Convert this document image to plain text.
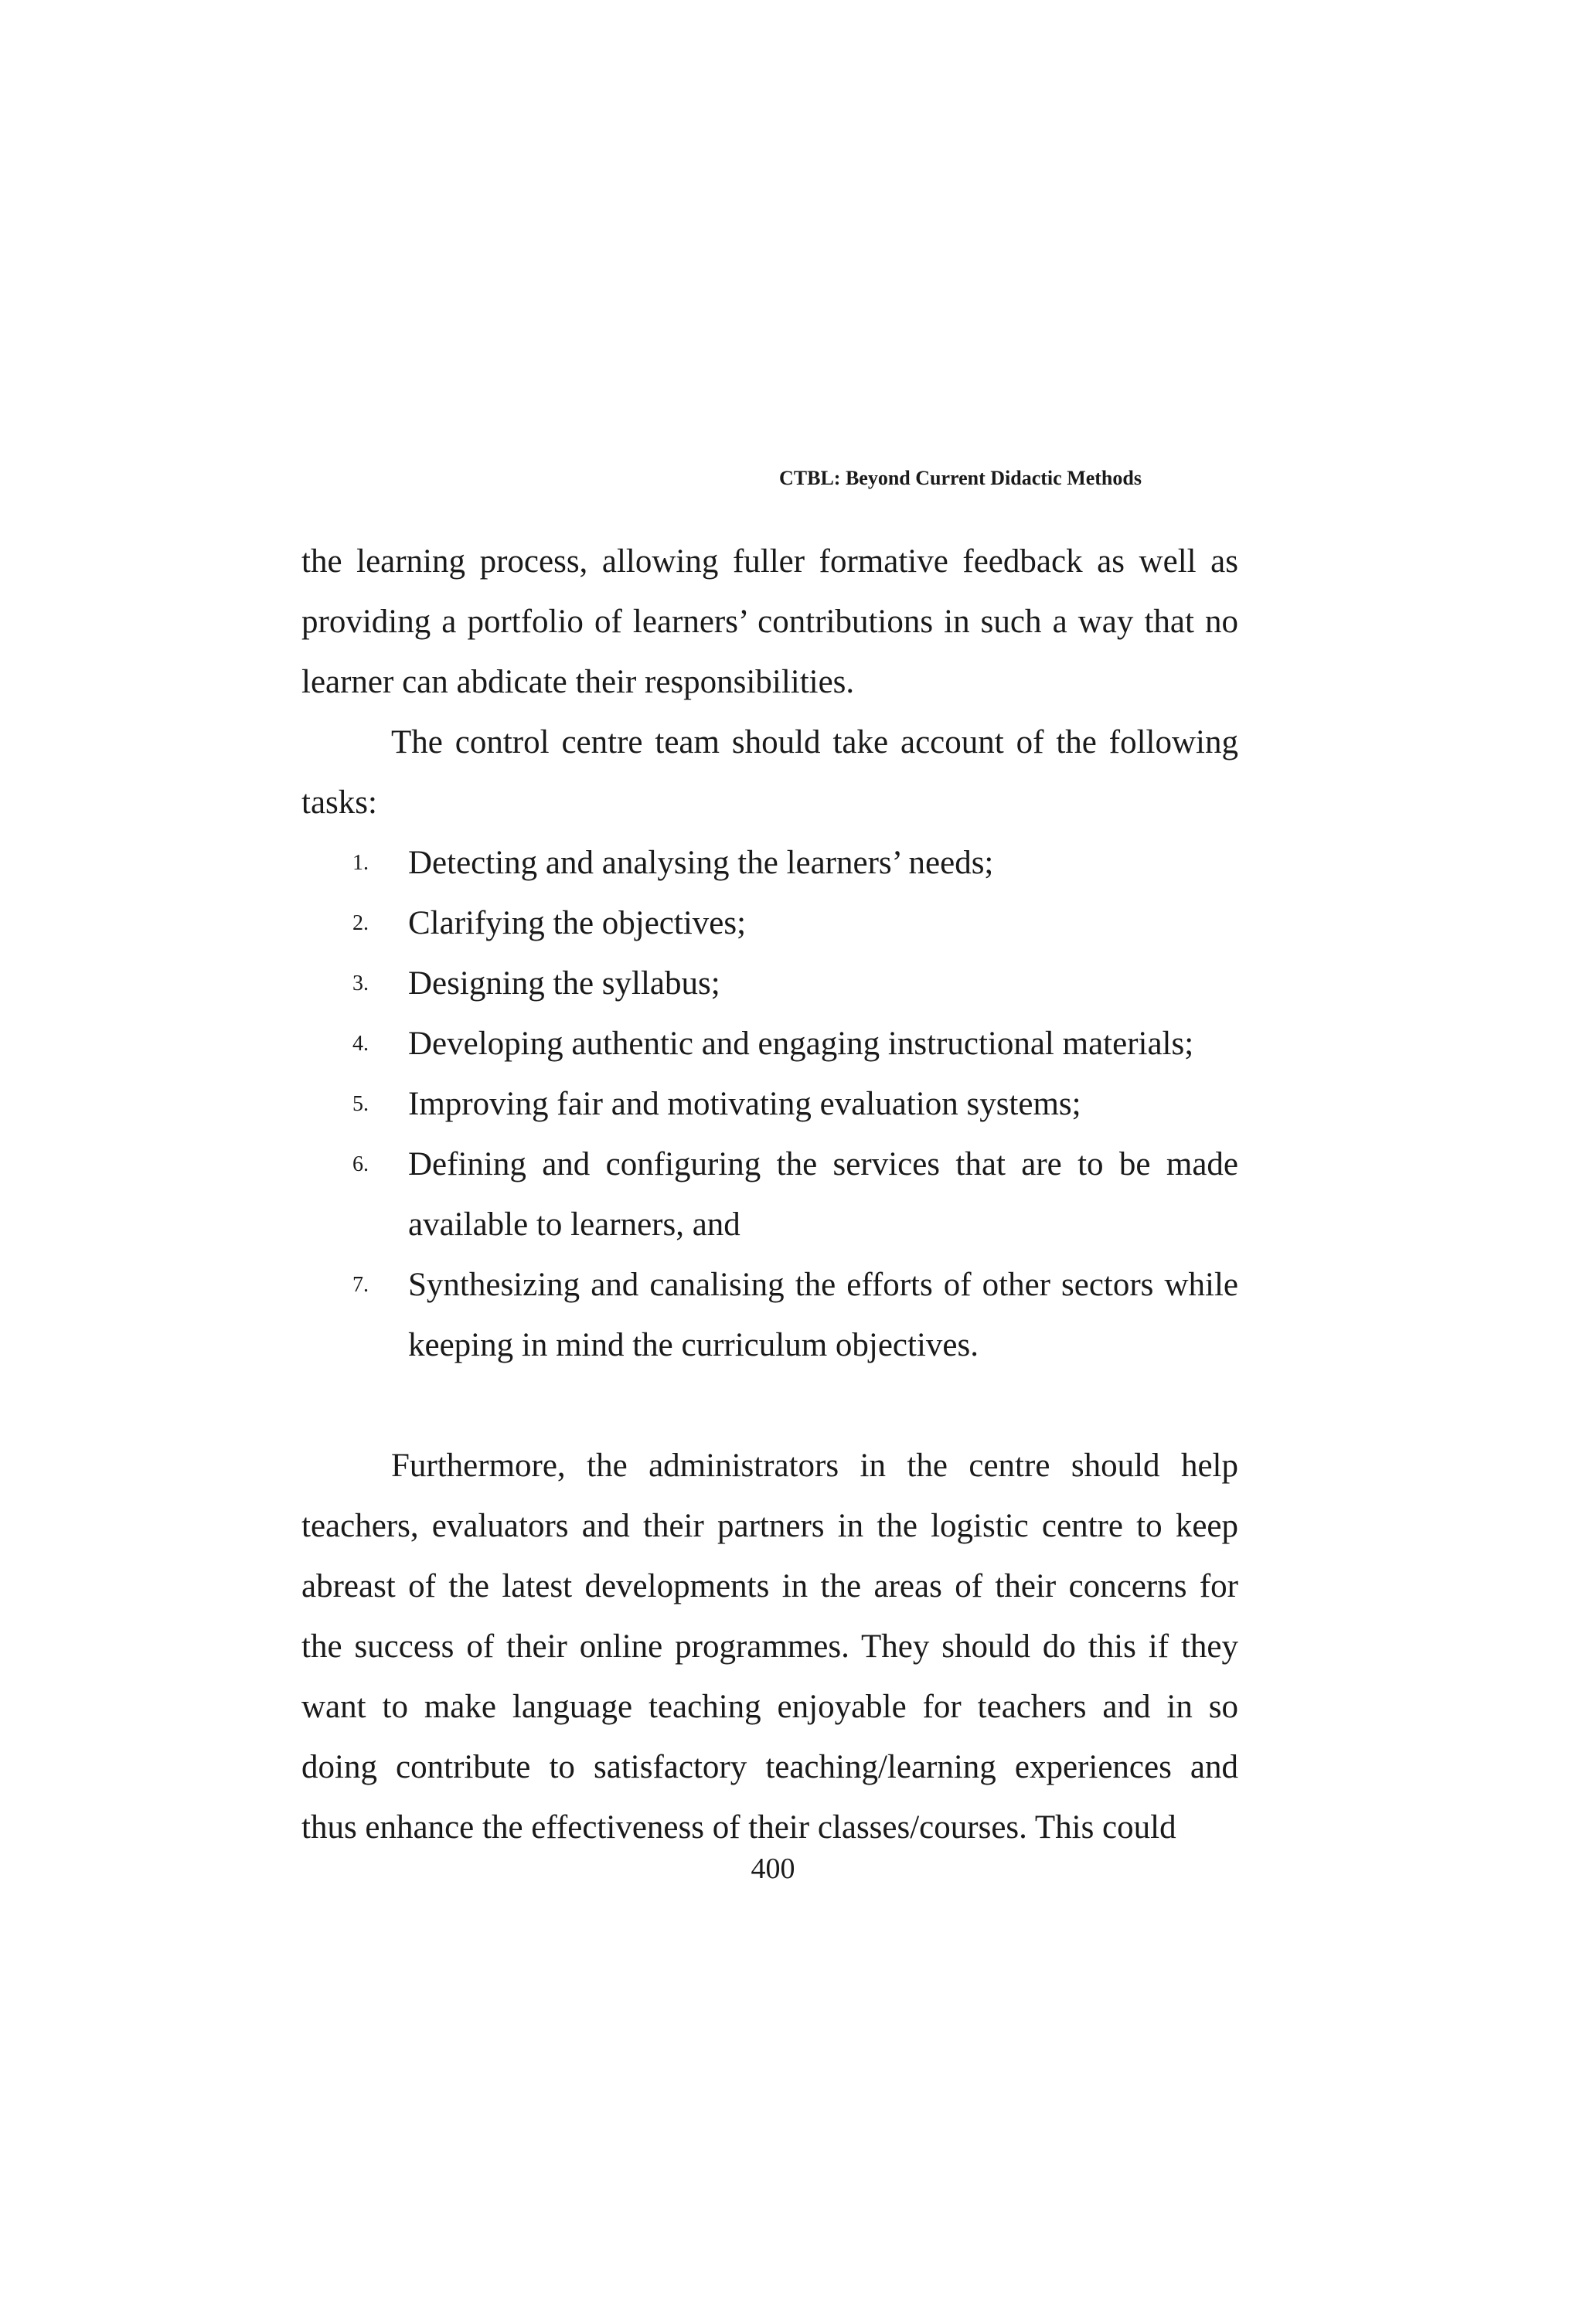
CTBL: Beyond Current Didactic Methods

the learning process, allowing fuller formative feedback as well as providing a portfolio of learners’ contributions in such a way that no learner can abdicate their responsibilities.

The control centre team should take account of the following tasks:

1. Detecting and analysing the learners’ needs;
2. Clarifying the objectives;
3. Designing the syllabus;
4. Developing authentic and engaging instructional materials;
5. Improving fair and motivating evaluation systems;
6. Defining and configuring the services that are to be made available to learners, and
7. Synthesizing and canalising the efforts of other sectors while keeping in mind the curriculum objectives.

Furthermore, the administrators in the centre should help teachers, evaluators and their partners in the logistic centre to keep abreast of the latest developments in the areas of their concerns for the success of their online programmes. They should do this if they want to make language teaching enjoyable for teachers and in so doing contribute to satisfactory teaching/learning experiences and thus enhance the effectiveness of their classes/courses. This could

400
